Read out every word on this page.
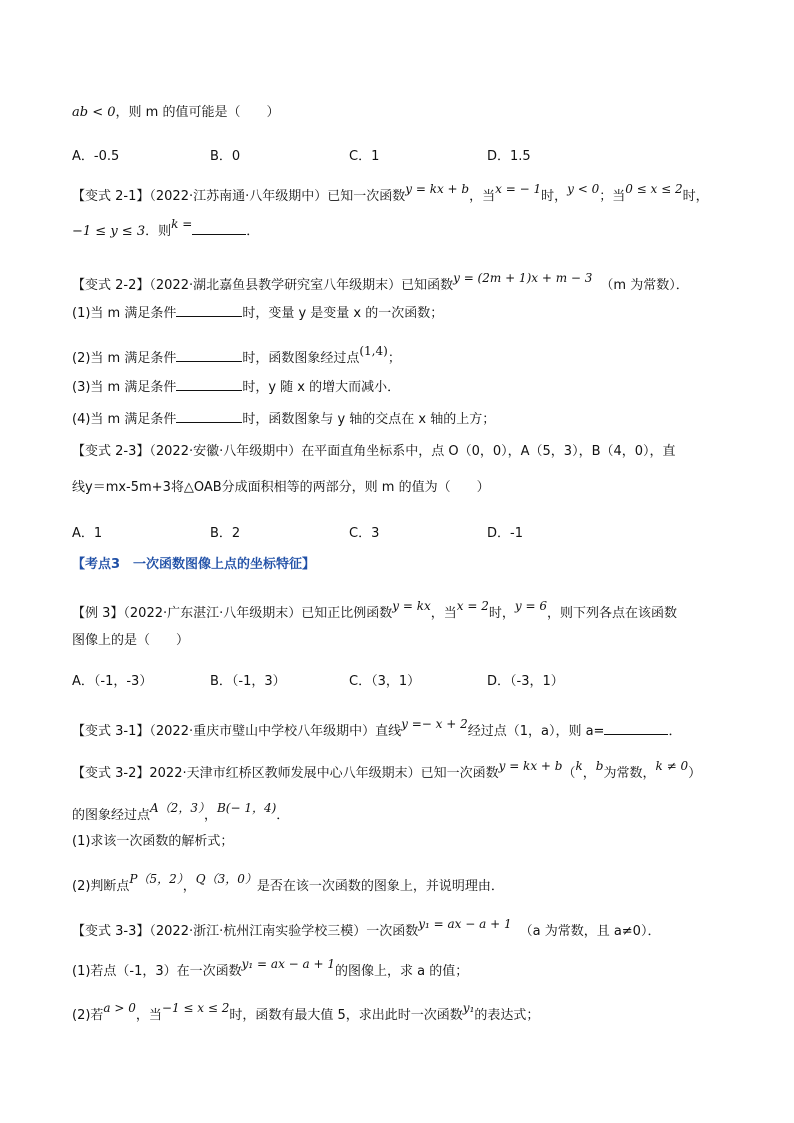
ab < 0，则 m 的值可能是（　　）
A．-0.5	B．0	C．1	D．1.5
【变式 2-1】（2022·江苏南通·八年级期中）已知一次函数y = kx + b，当x = − 1时，y < 0；当0 ≤ x ≤ 2时，
−1 ≤ y ≤ 3．则k =	．
【变式 2-2】（2022·湖北嘉鱼县教学研究室八年级期末）已知函数y = (2m + 1)x + m − 3 （m 为常数）．
(1)当 m 满足条件	时，变量 y 是变量 x 的一次函数；
(2)当 m 满足条件	时，函数图象经过点(1,4)；
(3)当 m 满足条件	时，y 随 x 的增大而减小．
(4)当 m 满足条件	时，函数图象与 y 轴的交点在 x 轴的上方；
【变式 2-3】（2022·安徽·八年级期中）在平面直角坐标系中，点 O（0，0），A（5，3），B（4，0），直
线y＝mx-5m+3将△OAB分成面积相等的两部分，则 m 的值为（　　）
A．1	B．2	C．3	D．-1
【考点3　一次函数图像上点的坐标特征】
【例 3】（2022·广东湛江·八年级期末）已知正比例函数y = kx，当x = 2时，y = 6，则下列各点在该函数
图像上的是（　　）
A．（-1，-3）	B．（-1，3）	C．（3，1）	D．（-3，1）
【变式 3-1】（2022·重庆市璧山中学校八年级期中）直线y =− x + 2经过点（1，a），则 a=	．
【变式 3-2】2022·天津市红桥区教师发展中心八年级期末）已知一次函数y = kx + b（k，b为常数，k ≠ 0）
的图象经过点A（2，3），B(− 1，4)．
(1)求该一次函数的解析式；
(2)判断点P（5，2），Q（3，0）是否在该一次函数的图象上，并说明理由．
【变式 3-3】（2022·浙江·杭州江南实验学校三模）一次函数y₁ = ax − a + 1 （a 为常数，且 a≠0）．
(1)若点（-1，3）在一次函数y₁ = ax − a + 1的图像上，求 a 的值；
(2)若a > 0，当−1 ≤ x ≤ 2时，函数有最大值 5，求出此时一次函数y₁的表达式；
